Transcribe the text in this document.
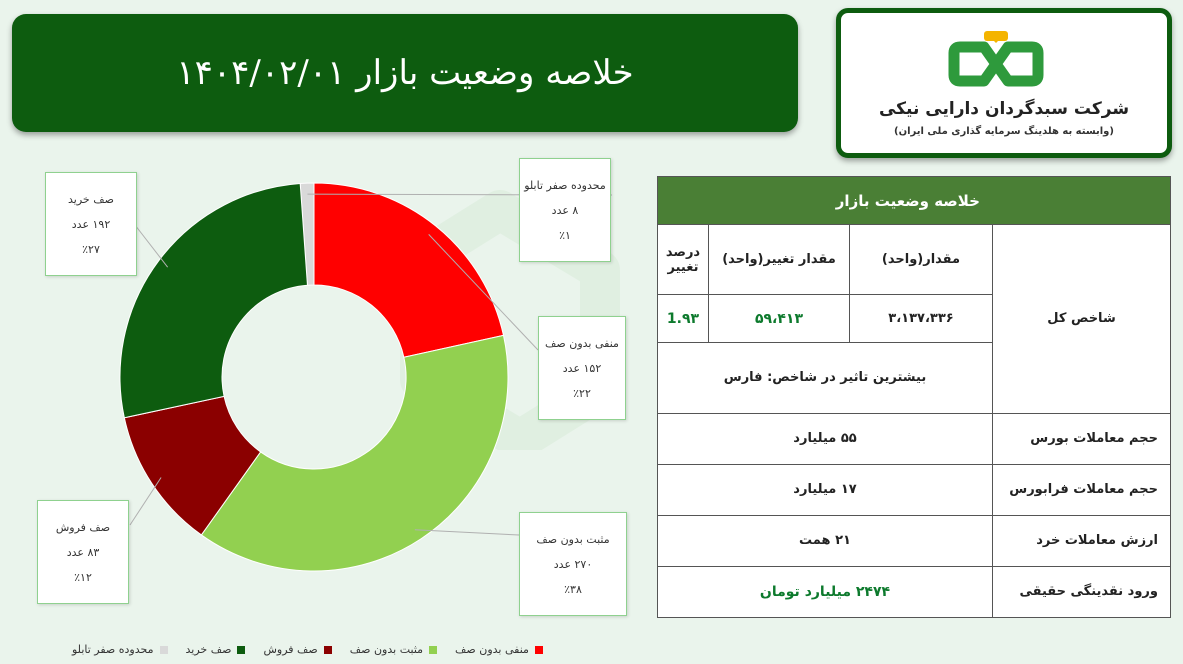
خلاصه وضعیت بازار ۱۴۰۴/۰۲/۰۱
شرکت سبدگردان دارایی نیکی
(وابسته به هلدینگ سرمایه گذاری ملی ایران)
محدوده صفر تابلو
۸ عدد
٪۱
منفی بدون صف
۱۵۲ عدد
٪۲۲
مثبت بدون صف
۲۷۰ عدد
٪۳۸
صف فروش
۸۳ عدد
٪۱۲
صف خرید
۱۹۲ عدد
٪۲۷
منفی بدون صف
مثبت بدون صف
صف فروش
صف خرید
محدوده صفر تابلو
خلاصه وضعیت بازار			
شاخص کل	مقدار(واحد)	مقدار تغییر(واحد)	درصد تغییر
	۳،۱۳۷،۳۳۶	۵۹،۴۱۳	1.۹۳
	بیشترین تاثیر در شاخص: فارس		
حجم معاملات بورس	۵۵ میلیارد		
حجم معاملات فرابورس	۱۷ میلیارد		
ارزش معاملات خرد	۲۱ همت		
ورود نقدینگی حقیقی	۲۴۷۴ میلیارد تومان		
